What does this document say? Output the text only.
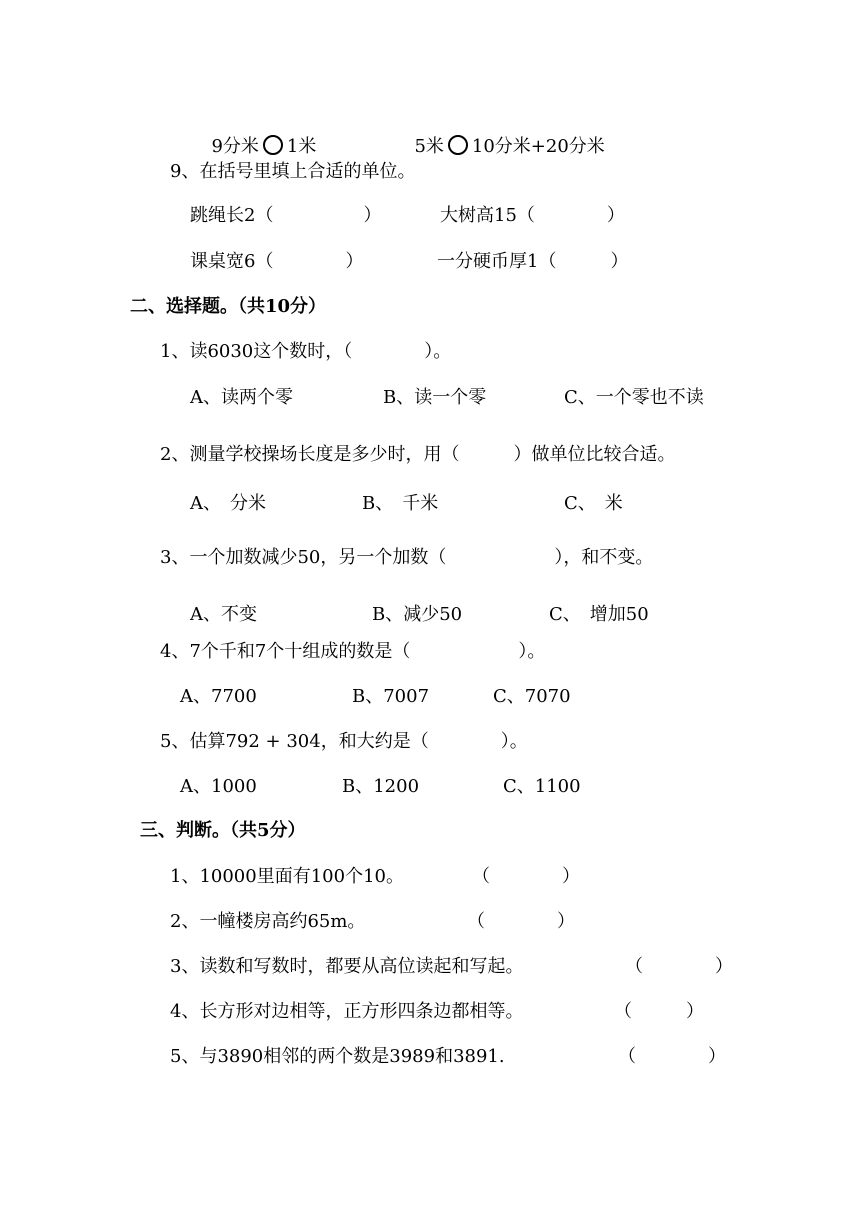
9分米 1米	5米 10分米+20分米

9、在括号里填上合适的单位。
跳绳长2（　　　　　）	大树高15（　　　　）
课桌宽6（　　　　）	一分硬币厚1（　　　）
二、选择题。（共10分）
1、读6030这个数时，（　　　　）。
A、读两个零	B、读一个零	C、一个零也不读
2、测量学校操场长度是多少时，用（　　　）做单位比较合适。
A、　分米	B、　千米	C、　米
3、一个加数减少50，另一个加数（　　　　　　），和不变。
A、不变	B、减少50	C、　增加50
4、7个千和7个十组成的数是（　　　　　　）。
A、7700	B、7007	C、7070
5、估算792 + 304，和大约是（　　　　）。
A、1000	B、1200	C、1100
三、判断。（共5分）
1、10000里面有100个10。	（　　　　）
2、一幢楼房高约65m。	（　　　　）
3、读数和写数时，都要从高位读起和写起。	（　　　　）
4、长方形对边相等，正方形四条边都相等。	（　　　）
5、与3890相邻的两个数是3989和3891.	（　　　　）
